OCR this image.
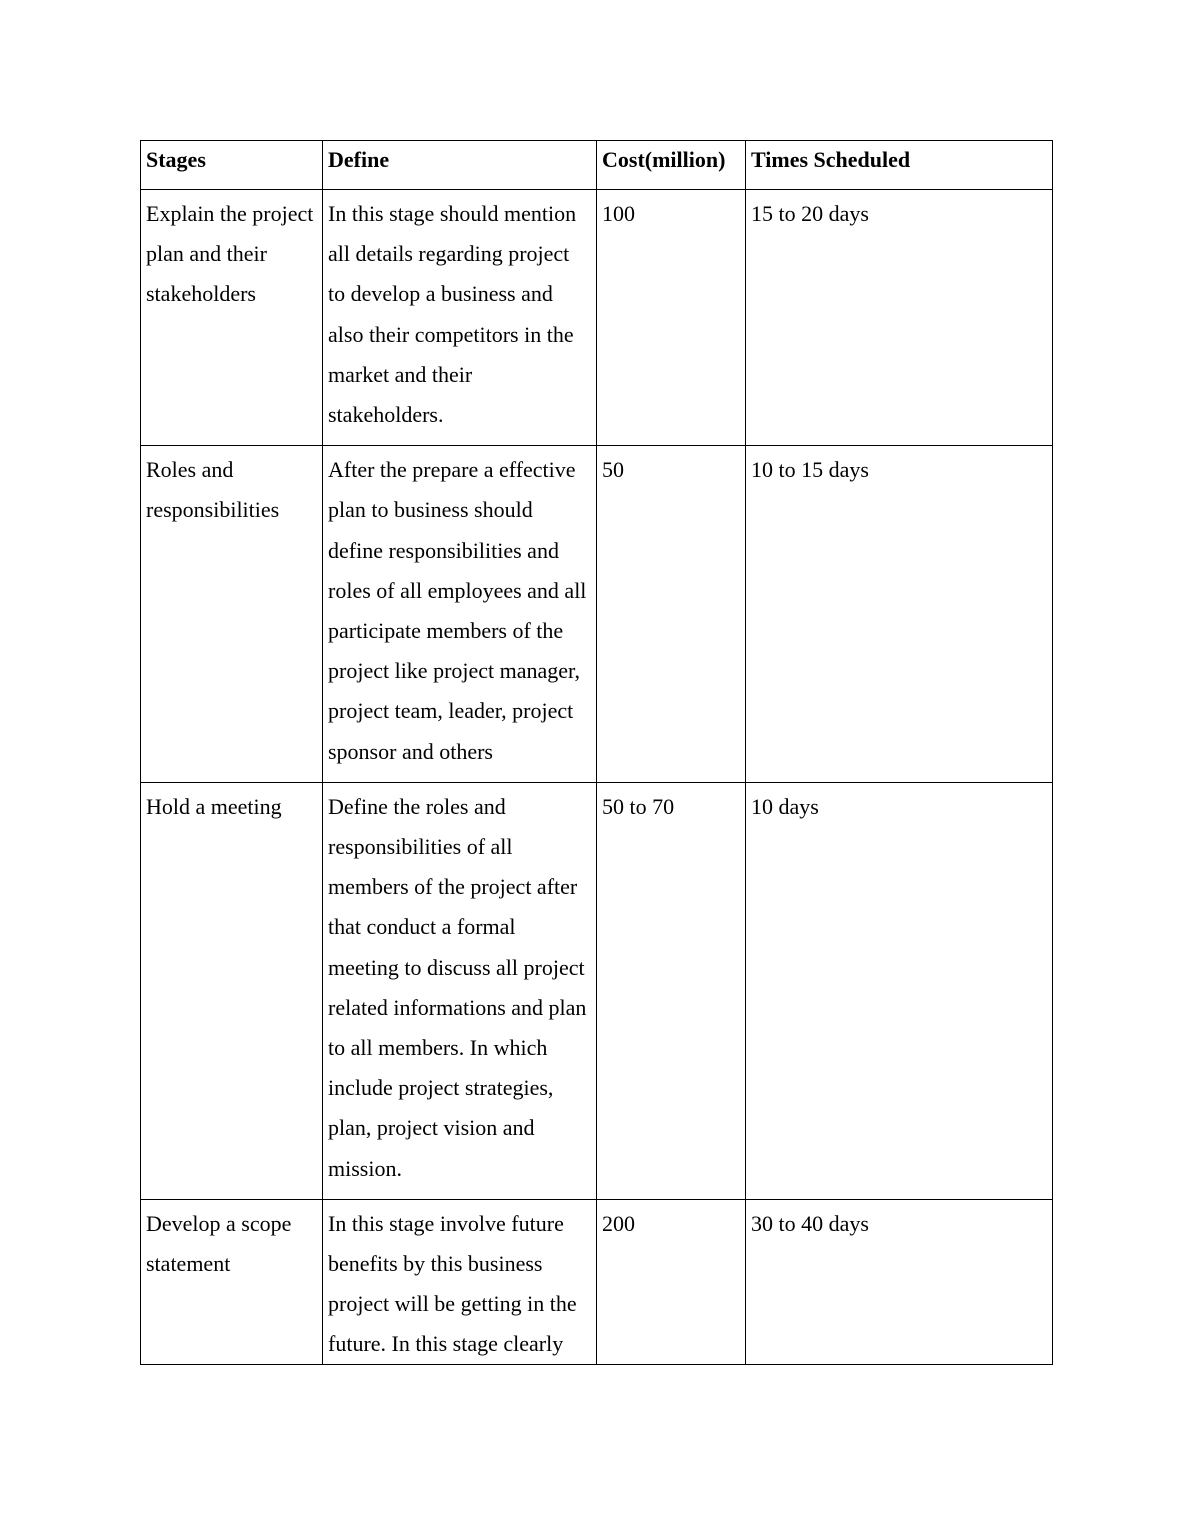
Stages	Define	Cost(million)	Times Scheduled
Explain the project plan and their stakeholders	In this stage should mention all details regarding project to develop a business and also their competitors in the market and their stakeholders.	100	15 to 20 days
Roles and responsibilities	After the prepare a effective plan to business should define responsibilities and roles of all employees and all participate members of the project like project manager, project team, leader, project sponsor and others	50	10 to 15 days
Hold a meeting	Define the roles and responsibilities of all members of the project after that conduct a formal meeting to discuss all project related informations and plan to all members. In which include project strategies, plan, project vision and mission.	50 to 70	10 days
Develop a scope statement	In this stage involve future benefits by this business project will be getting in the future. In this stage clearly	200	30 to 40 days
